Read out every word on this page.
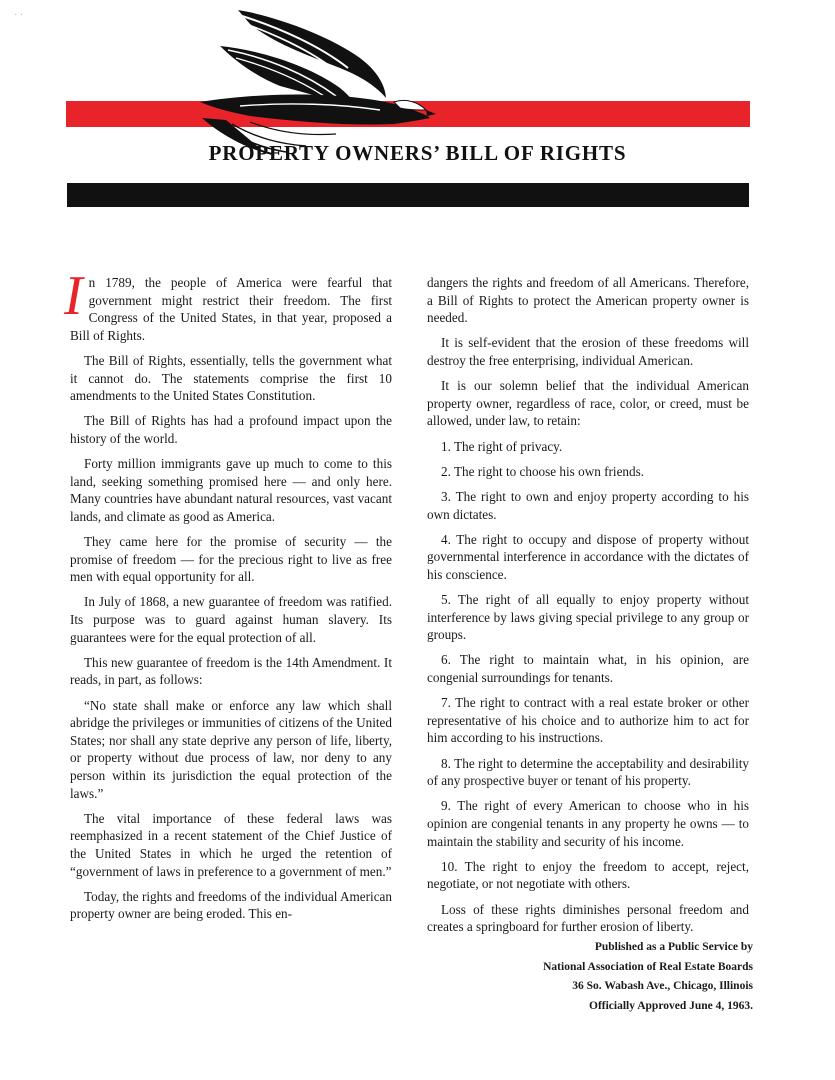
· ·
PROPERTY OWNERS’ BILL OF RIGHTS

In 1789, the people of America were fearful that government might restrict their freedom. The first Congress of the United States, in that year, proposed a Bill of Rights.

The Bill of Rights, essentially, tells the government what it cannot do. The statements comprise the first 10 amendments to the United States Constitution.

The Bill of Rights has had a profound impact upon the history of the world.

Forty million immigrants gave up much to come to this land, seeking something promised here — and only here. Many countries have abundant natural resources, vast vacant lands, and climate as good as America.

They came here for the promise of security — the promise of freedom — for the precious right to live as free men with equal opportunity for all.

In July of 1868, a new guarantee of freedom was ratified. Its purpose was to guard against human slavery. Its guarantees were for the equal protection of all.

This new guarantee of freedom is the 14th Amendment. It reads, in part, as follows:

“No state shall make or enforce any law which shall abridge the privileges or immunities of citizens of the United States; nor shall any state deprive any person of life, liberty, or property without due process of law, nor deny to any person within its jurisdiction the equal protection of the laws.”

The vital importance of these federal laws was reemphasized in a recent statement of the Chief Justice of the United States in which he urged the retention of “government of laws in preference to a government of men.”

Today, the rights and freedoms of the individual American property owner are being eroded. This en-

dangers the rights and freedom of all Americans. Therefore, a Bill of Rights to protect the American property owner is needed.

It is self-evident that the erosion of these freedoms will destroy the free enterprising, individual American.

It is our solemn belief that the individual American property owner, regardless of race, color, or creed, must be allowed, under law, to retain:

1. The right of privacy.

2. The right to choose his own friends.

3. The right to own and enjoy property according to his own dictates.

4. The right to occupy and dispose of property without governmental interference in accordance with the dictates of his conscience.

5. The right of all equally to enjoy property without interference by laws giving special privilege to any group or groups.

6. The right to maintain what, in his opinion, are congenial surroundings for tenants.

7. The right to contract with a real estate broker or other representative of his choice and to authorize him to act for him according to his instructions.

8. The right to determine the acceptability and desirability of any prospective buyer or tenant of his property.

9. The right of every American to choose who in his opinion are congenial tenants in any property he owns — to maintain the stability and security of his income.

10. The right to enjoy the freedom to accept, reject, negotiate, or not negotiate with others.

Loss of these rights diminishes personal freedom and creates a springboard for further erosion of liberty.

Published as a Public Service by
National Association of Real Estate Boards
36 So. Wabash Ave., Chicago, Illinois
Officially Approved June 4, 1963.
